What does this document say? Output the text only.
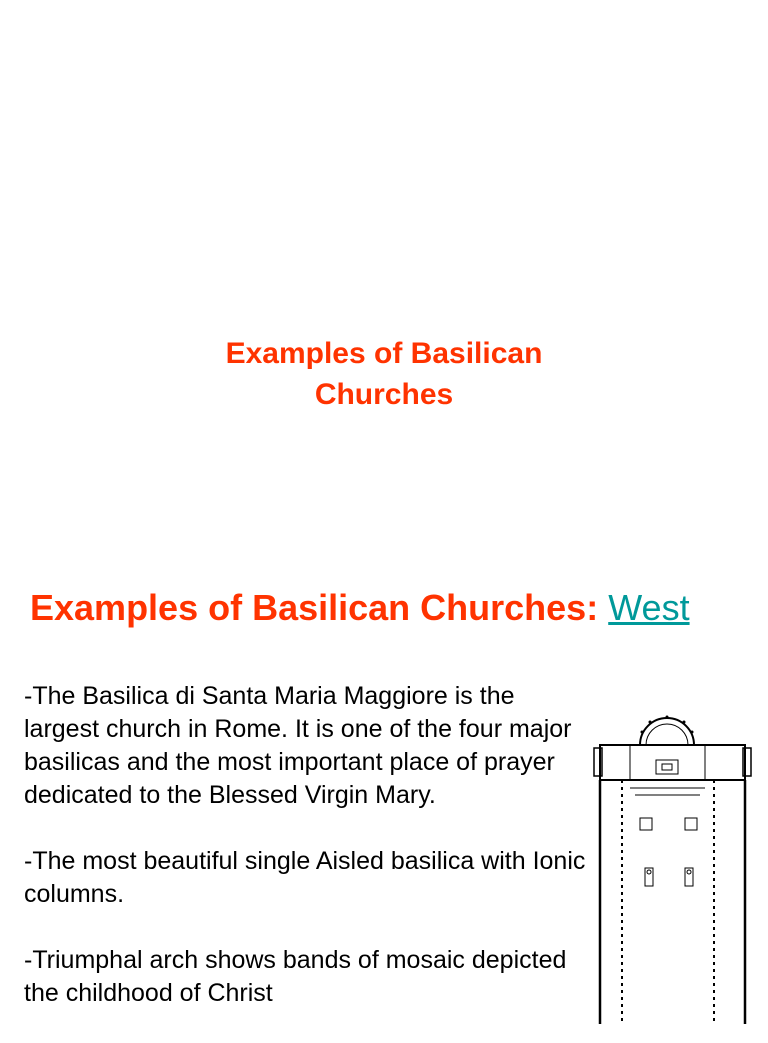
Examples of Basilican
Churches
Examples of Basilican Churches: West

-The Basilica di Santa Maria Maggiore is the largest church in Rome. It is one of the four major basilicas and the most important place of prayer dedicated to the Blessed Virgin Mary.

-The most beautiful single Aisled basilica with Ionic columns.

-Triumphal arch shows bands of mosaic depicted the childhood of Christ
